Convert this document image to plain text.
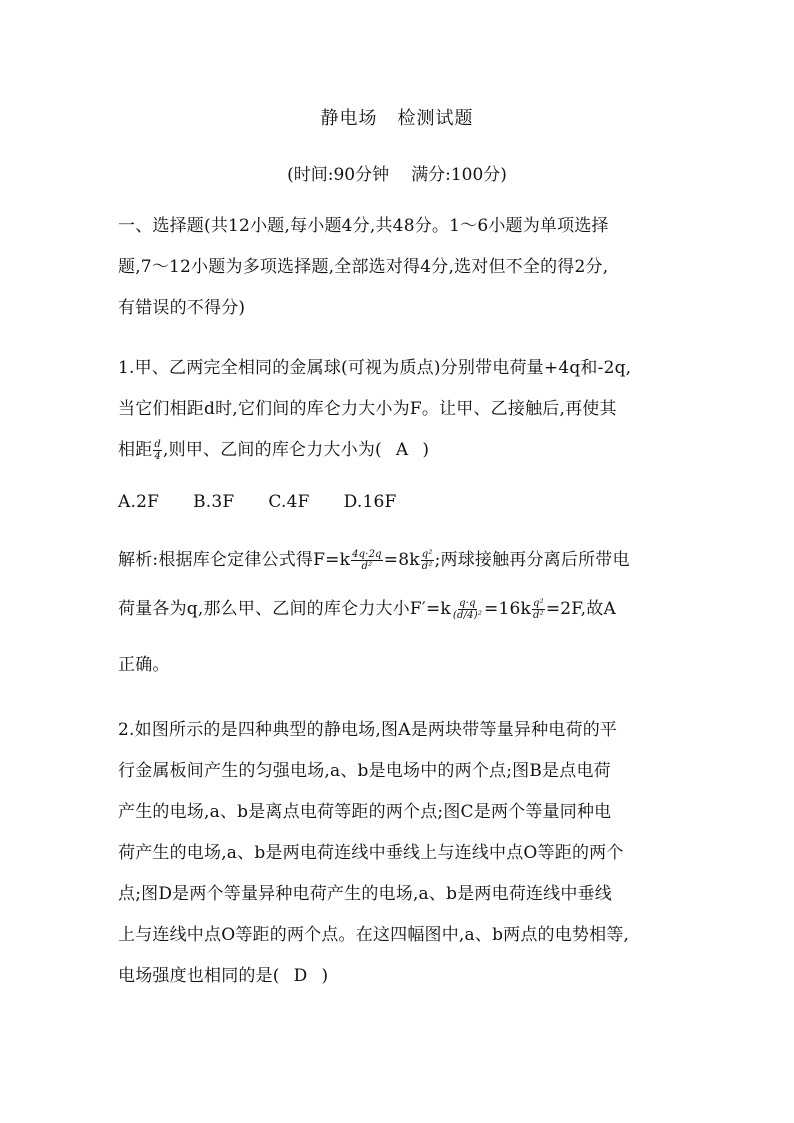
静电场 检测试题
(时间:90分钟 满分:100分)
一、选择题(共12小题,每小题4分,共48分。1～6小题为单项选择
题,7～12小题为多项选择题,全部选对得4分,选对但不全的得2分,
有错误的不得分)
1.甲、乙两完全相同的金属球(可视为质点)分别带电荷量+4q和-2q,
当它们相距d时,它们间的库仑力大小为F。让甲、乙接触后,再使其
相距 $\frac{d}{4}$ ,则甲、乙间的库仑力大小为( A )
A.2F B.3F C.4F D.16F
解析:根据库仑定律公式得$F=k \frac{4q\cdot 2q}{\text{d²}} =8k \frac{\text{q²}}{\text{d²}}$ ;两球接触再分离后所带电
荷量各为q,那么甲、乙间的库仑力大小$F'=k \frac{q\cdot q}{\text{(d/4)²}} =16k \frac{\text{q²}}{\text{d²}} =2F$,故A
正确。
2.如图所示的是四种典型的静电场,图A是两块带等量异种电荷的平
行金属板间产生的匀强电场,a、b是电场中的两个点;图B是点电荷
产生的电场,a、b是离点电荷等距的两个点;图C是两个等量同种电
荷产生的电场,a、b是两电荷连线中垂线上与连线中点O等距的两个
点;图D是两个等量异种电荷产生的电场,a、b是两电荷连线中垂线
上与连线中点O等距的两个点。在这四幅图中,a、b两点的电势相等,
电场强度也相同的是( D )
